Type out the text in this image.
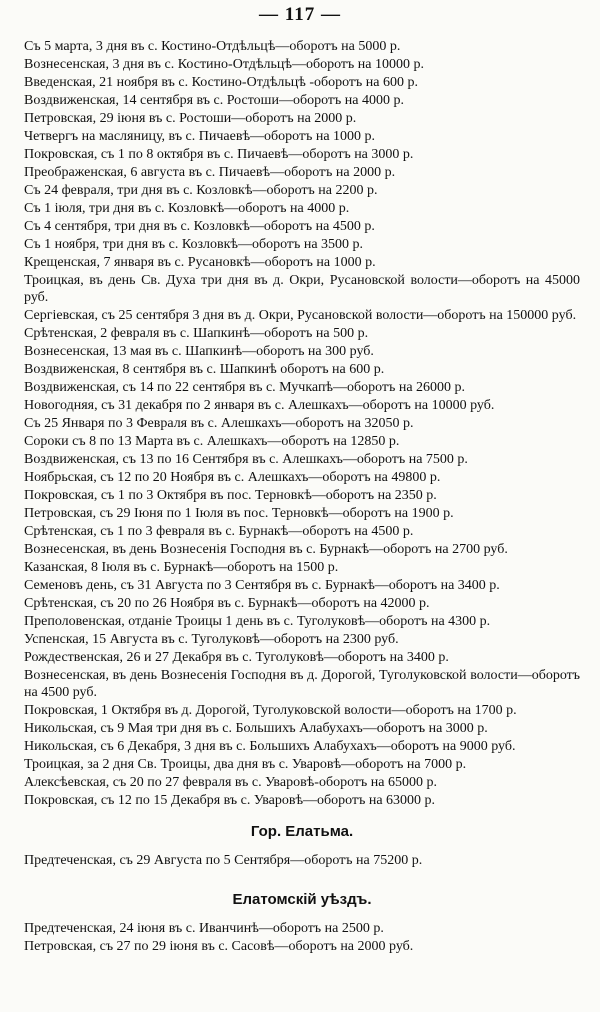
— 117 —
Съ 5 марта, 3 дня въ с. Костино-Отдѣльцѣ—оборотъ на 5000 р.
Вознесенская, 3 дня въ с. Костино-Отдѣльцѣ—оборотъ на 10000 р.
Введенская, 21 ноября въ с. Костино-Отдѣльцѣ -оборотъ на 600 р.
Воздвиженская, 14 сентября въ с. Ростоши—оборотъ на 4000 р.
Петровская, 29 іюня въ с. Ростоши—оборотъ на 2000 р.
Четвергъ на масляницу, въ с. Пичаевѣ—оборотъ на 1000 р.
Покровская, съ 1 по 8 октября въ с. Пичаевѣ—оборотъ на 3000 р.
Преображенская, 6 августа въ с. Пичаевѣ—оборотъ на 2000 р.
Съ 24 февраля, три дня въ с. Козловкѣ—оборотъ на 2200 р.
Съ 1 іюля, три дня въ с. Козловкѣ—оборотъ на 4000 р.
Съ 4 сентября, три дня въ с. Козловкѣ—оборотъ на 4500 р.
Съ 1 ноября, три дня въ с. Козловкѣ—оборотъ на 3500 р.
Крещенская, 7 января въ с. Русановкѣ—оборотъ на 1000 р.
Троицкая, въ день Св. Духа три дня въ д. Окри, Русановской волости—оборотъ на 45000 руб.
Сергіевская, съ 25 сентября 3 дня въ д. Окри, Русановской волости—оборотъ на 150000 руб.
Срѣтенская, 2 февраля въ с. Шапкинѣ—оборотъ на 500 р.
Вознесенская, 13 мая въ с. Шапкинѣ—оборотъ на 300 руб.
Воздвиженская, 8 сентября въ с. Шапкинѣ оборотъ на 600 р.
Воздвиженская, съ 14 по 22 сентября въ с. Мучкапѣ—оборотъ на 26000 р.
Новогодняя, съ 31 декабря по 2 января въ с. Алешкахъ—оборотъ на 10000 руб.
Съ 25 Января по 3 Февраля въ с. Алешкахъ—оборотъ на 32050 р.
Сороки съ 8 по 13 Марта въ с. Алешкахъ—оборотъ на 12850 р.
Воздвиженская, съ 13 по 16 Сентября въ с. Алешкахъ—оборотъ на 7500 р.
Ноябрьская, съ 12 по 20 Ноября въ с. Алешкахъ—оборотъ на 49800 р.
Покровская, съ 1 по 3 Октября въ пос. Терновкѣ—оборотъ на 2350 р.
Петровская, съ 29 Іюня по 1 Іюля въ пос. Терновкѣ—оборотъ на 1900 р.
Срѣтенская, съ 1 по 3 февраля въ с. Бурнакѣ—оборотъ на 4500 р.
Вознесенская, въ день Вознесенія Господня въ с. Бурнакѣ—оборотъ на 2700 руб.
Казанская, 8 Іюля въ с. Бурнакѣ—оборотъ на 1500 р.
Семеновъ день, съ 31 Августа по 3 Сентября въ с. Бурнакѣ—оборотъ на 3400 р.
Срѣтенская, съ 20 по 26 Ноября въ с. Бурнакѣ—оборотъ на 42000 р.
Преполовенская, отданіе Троицы 1 день въ с. Туголуковѣ—оборотъ на 4300 р.
Успенская, 15 Августа въ с. Туголуковѣ—оборотъ на 2300 руб.
Рождественская, 26 и 27 Декабря въ с. Туголуковѣ—оборотъ на 3400 р.
Вознесенская, въ день Вознесенія Господня въ д. Дорогой, Туголуковской волости—оборотъ на 4500 руб.
Покровская, 1 Октября въ д. Дорогой, Туголуковской волости—оборотъ на 1700 р.
Никольская, съ 9 Мая три дня въ с. Большихъ Алабухахъ—оборотъ на 3000 р.
Никольская, съ 6 Декабря, 3 дня въ с. Большихъ Алабухахъ—оборотъ на 9000 руб.
Троицкая, за 2 дня Св. Троицы, два дня въ с. Уваровѣ—оборотъ на 7000 р.
Алексѣевская, съ 20 по 27 февраля въ с. Уваровѣ-оборотъ на 65000 р.
Покровская, съ 12 по 15 Декабря въ с. Уваровѣ—оборотъ на 63000 р.
Гор. Елатьма.
Предтеченская, съ 29 Августа по 5 Сентября—оборотъ на 75200 р.
Елатомскій уѣздъ.
Предтеченская, 24 іюня въ с. Иванчинѣ—оборотъ на 2500 р.
Петровская, съ 27 по 29 іюня въ с. Сасовѣ—оборотъ на 2000 руб.
